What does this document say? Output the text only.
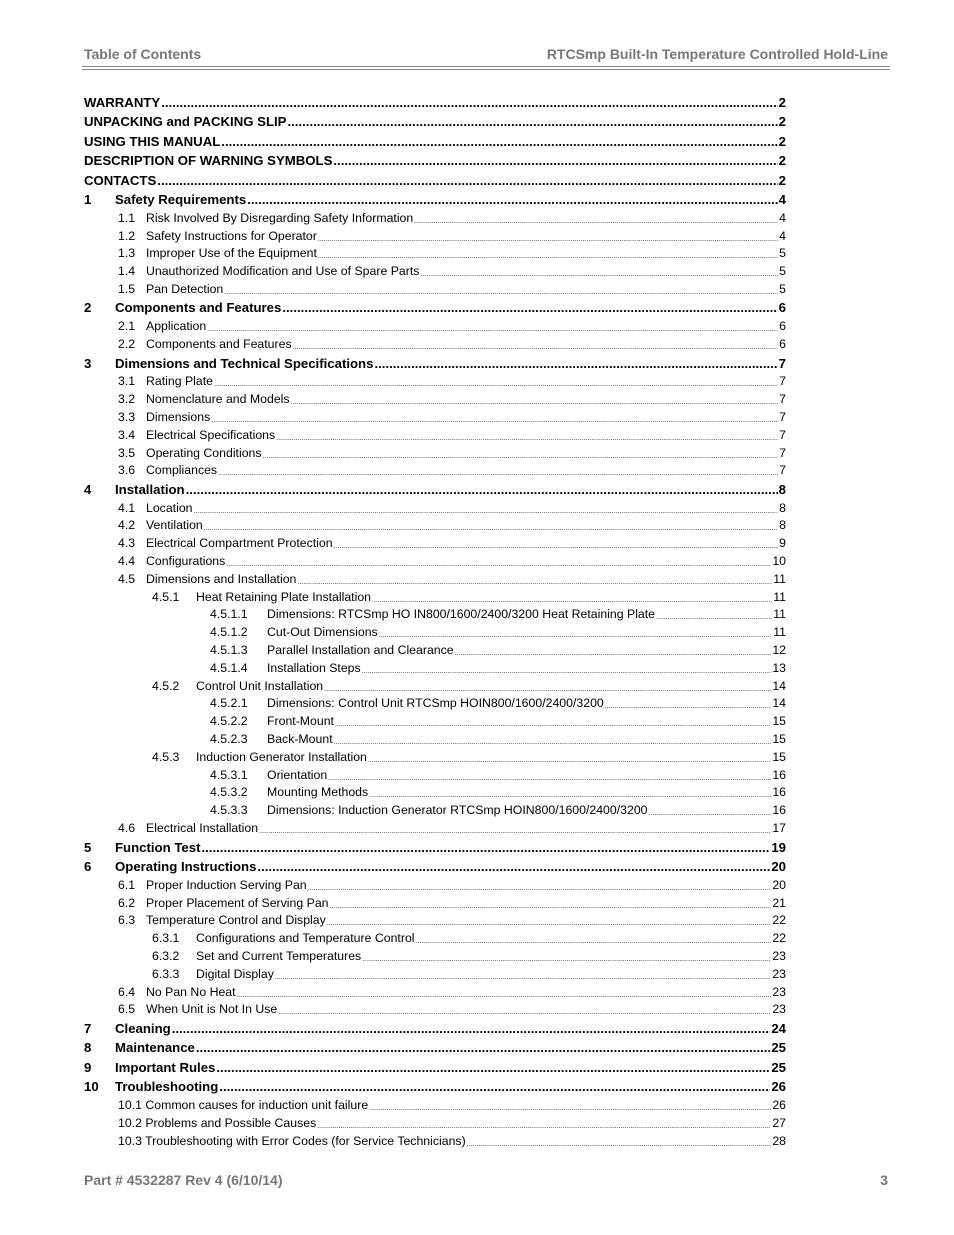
Table of Contents	RTCSmp Built-In Temperature Controlled Hold-Line
WARRANTY .....	2
UNPACKING and PACKING SLIP .....	2
USING THIS MANUAL .....	2
DESCRIPTION OF WARNING SYMBOLS .....	2
CONTACTS .....	2
1	Safety Requirements .....	4
1.1 Risk Involved By Disregarding Safety Information .....	4
1.2 Safety Instructions for Operator .....	4
1.3 Improper Use of the Equipment .....	5
1.4 Unauthorized Modification and Use of Spare Parts .....	5
1.5 Pan Detection .....	5
2	Components and Features .....	6
2.1 Application .....	6
2.2 Components and Features .....	6
3	Dimensions and Technical Specifications .....	7
3.1 Rating Plate .....	7
3.2 Nomenclature and Models .....	7
3.3 Dimensions .....	7
3.4 Electrical Specifications .....	7
3.5 Operating Conditions .....	7
3.6 Compliances .....	7
4	Installation .....	8
4.1 Location .....	8
4.2 Ventilation .....	8
4.3 Electrical Compartment Protection .....	9
4.4 Configurations .....	10
4.5 Dimensions and Installation .....	11
4.5.1	Heat Retaining Plate Installation .....	11
4.5.1.1	Dimensions: RTCSmp HO IN800/1600/2400/3200 Heat Retaining Plate .....	11
4.5.1.2	Cut-Out Dimensions .....	11
4.5.1.3	Parallel Installation and Clearance .....	12
4.5.1.4	Installation Steps .....	13
4.5.2	Control Unit Installation .....	14
4.5.2.1	Dimensions: Control Unit RTCSmp HOIN800/1600/2400/3200 .....	14
4.5.2.2	Front-Mount .....	15
4.5.2.3	Back-Mount .....	15
4.5.3	Induction Generator Installation .....	15
4.5.3.1	Orientation .....	16
4.5.3.2	Mounting Methods .....	16
4.5.3.3	Dimensions: Induction Generator RTCSmp HOIN800/1600/2400/3200 .....	16
4.6 Electrical Installation .....	17
5	Function Test .....	19
6	Operating Instructions .....	20
6.1 Proper Induction Serving Pan .....	20
6.2 Proper Placement of Serving Pan .....	21
6.3 Temperature Control and Display .....	22
6.3.1	Configurations and Temperature Control .....	22
6.3.2	Set and Current Temperatures .....	23
6.3.3	Digital Display .....	23
6.4 No Pan No Heat .....	23
6.5 When Unit is Not In Use .....	23
7	Cleaning .....	24
8	Maintenance .....	25
9	Important Rules .....	25
10	Troubleshooting .....	26
10.1 Common causes for induction unit failure .....	26
10.2 Problems and Possible Causes .....	27
10.3 Troubleshooting with Error Codes (for Service Technicians) .....	28
Part # 4532287 Rev 4 (6/10/14)	3
